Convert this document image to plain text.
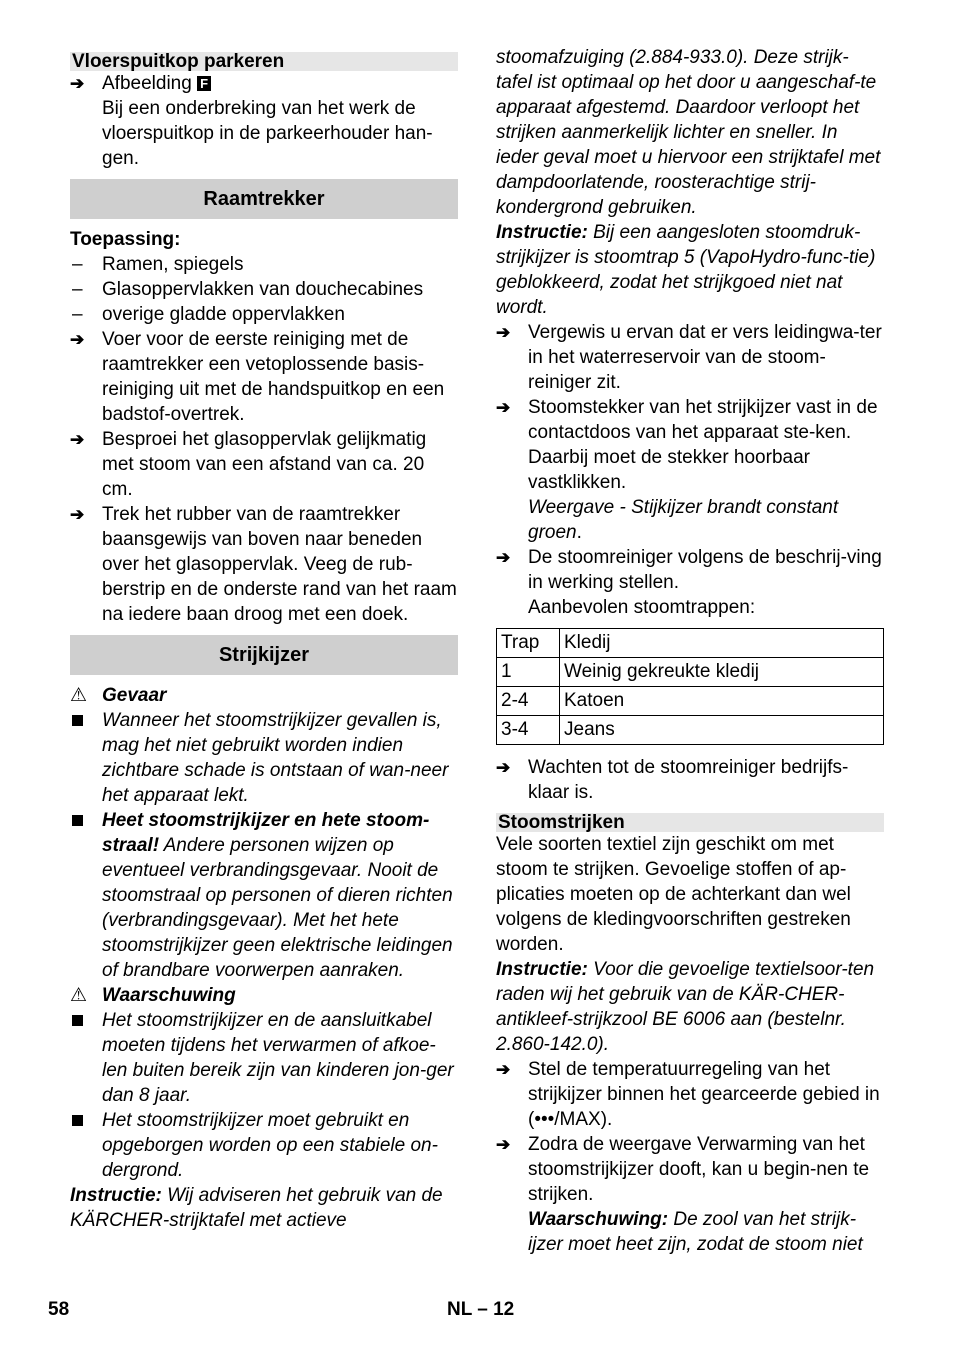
Vloerspuitkop parkeren
➔ Afbeelding F
Bij een onderbreking van het werk de vloerspuitkop in de parkeerhouder han-gen.
Raamtrekker
Toepassing:
–	Ramen, spiegels
–	Glasoppervlakken van douchecabines
–	overige gladde oppervlakken
➔ Voer voor de eerste reiniging met de raamtrekker een vetoplossende basis-reiniging uit met de handspuitkop en een badstof-overtrek.
➔ Besproei het glasoppervlak gelijkmatig met stoom van een afstand van ca. 20 cm.
➔ Trek het rubber van de raamtrekker baansgewijs van boven naar beneden over het glasoppervlak. Veeg de rub-berstrip en de onderste rand van het raam na iedere baan droog met een doek.
Strijkijzer
⚠ Gevaar
Wanneer het stoomstrijkijzer gevallen is, mag het niet gebruikt worden indien zichtbare schade is ontstaan of wan-neer het apparaat lekt.
Heet stoomstrijkijzer en hete stoom-straal! Andere personen wijzen op eventueel verbrandingsgevaar. Nooit de stoomstraal op personen of dieren richten (verbrandingsgevaar). Met het hete stoomstrijkijzer geen elektrische leidingen of brandbare voorwerpen aanraken.
⚠ Waarschuwing
Het stoomstrijkijzer en de aansluitkabel moeten tijdens het verwarmen of afkoe-len buiten bereik zijn van kinderen jon-ger dan 8 jaar.
Het stoomstrijkijzer moet gebruikt en opgeborgen worden op een stabiele on-dergrond.
Instructie: Wij adviseren het gebruik van de KÄRCHER-strijktafel met actieve
stoomafzuiging (2.884-933.0). Deze strijk-tafel ist optimaal op het door u aangeschaf-te apparaat afgestemd. Daardoor verloopt het strijken aanmerkelijk lichter en sneller. In ieder geval moet u hiervoor een strijktafel met dampdoorlatende, roosterachtige strij-kondergrond gebruiken.
Instructie: Bij een aangesloten stoomdruk-strijkijzer is stoomtrap 5 (VapoHydro-func-tie) geblokkeerd, zodat het strijkgoed niet nat wordt.
➔ Vergewis u ervan dat er vers leidingwa-ter in het waterreservoir van de stoom-reiniger zit.
➔ Stoomstekker van het strijkijzer vast in de contactdoos van het apparaat ste-ken. Daarbij moet de stekker hoorbaar vastklikken.
Weergave - Stijkijzer brandt constant groen.
➔ De stoomreiniger volgens de beschrij-ving in werking stellen.
Aanbevolen stoomtrappen:
Trap	Kledij
1	Weinig gekreukte kledij
2-4	Katoen
3-4	Jeans
➔ Wachten tot de stoomreiniger bedrijfs-klaar is.
Stoomstrijken
Vele soorten textiel zijn geschikt om met stoom te strijken. Gevoelige stoffen of ap-plicaties moeten op de achterkant dan wel volgens de kledingvoorschriften gestreken worden.
Instructie: Voor die gevoelige textielsoor-ten raden wij het gebruik van de KÄR-CHER-antikleef-strijkzool BE 6006 aan (bestelnr. 2.860-142.0).
➔ Stel de temperatuurregeling van het strijkijzer binnen het gearceerde gebied in (•••/MAX).
➔ Zodra de weergave Verwarming van het stoomstrijkijzer dooft, kan u begin-nen te strijken.
Waarschuwing: De zool van het strijk-ijzer moet heet zijn, zodat de stoom niet
58	NL – 12
